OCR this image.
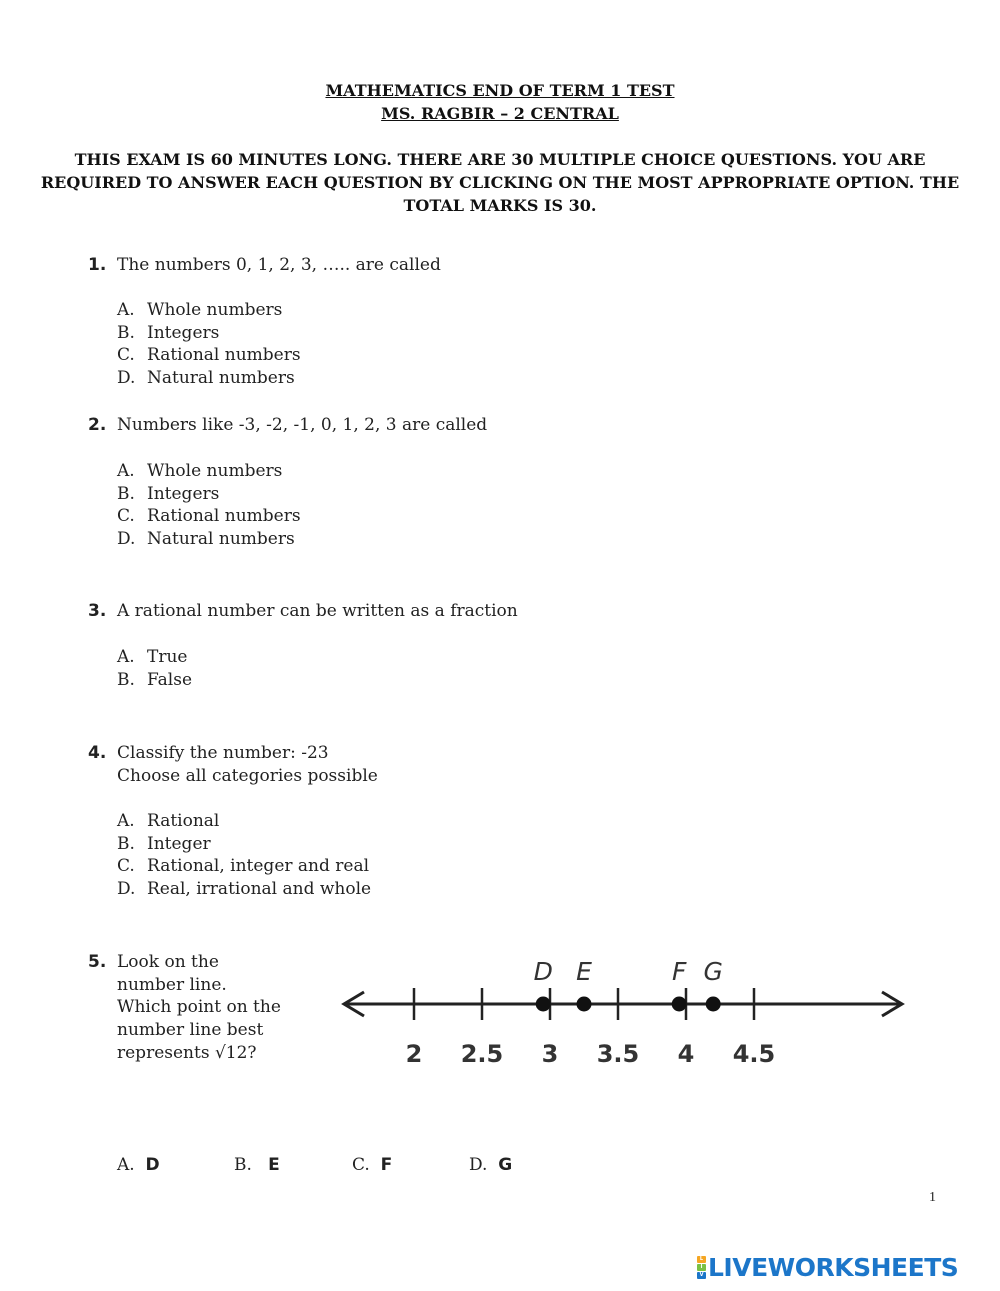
MATHEMATICS END OF TERM 1 TEST
MS. RAGBIR – 2 CENTRAL
THIS EXAM IS 60 MINUTES LONG. THERE ARE 30 MULTIPLE CHOICE QUESTIONS. YOU ARE REQUIRED TO ANSWER EACH QUESTION BY CLICKING ON THE MOST APPROPRIATE OPTION. THE TOTAL MARKS IS 30.
1. The numbers 0, 1, 2, 3, ….. are called
A. Whole numbers
B. Integers
C. Rational numbers
D. Natural numbers
2. Numbers like -3, -2, -1, 0, 1, 2, 3 are called
A. Whole numbers
B. Integers
C. Rational numbers
D. Natural numbers
3. A rational number can be written as a fraction
A. True
B. False
4. Classify the number: -23
Choose all categories possible
A. Rational
B. Integer
C. Rational, integer and real
D. Real, irrational and whole
5. Look on the
number line.
Which point on the
number line best
represents √12?	2 2.5 3 3.5 4 4.5
D E	F G
A. D	B. E	C. F	D. G
1
L
I
V LIVEWORKSHEETS
